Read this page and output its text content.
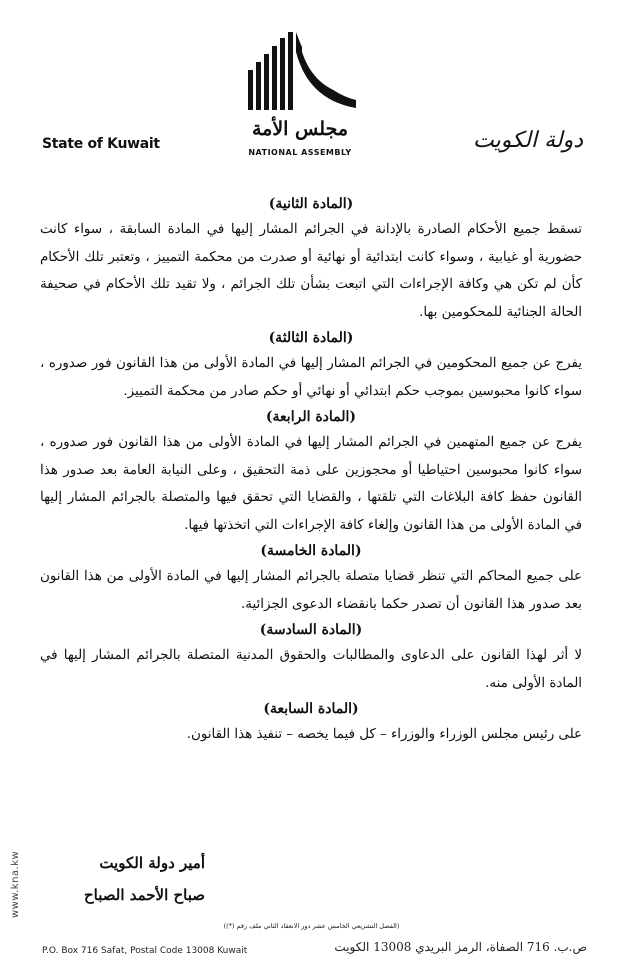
مجلس الأمة
NATIONAL ASSEMBLY
State of Kuwait	دولة الكويت
(المادة الثانية)

تسقط جميع الأحكام الصادرة بالإدانة في الجرائم المشار إليها في المادة السابقة ، سواء كانت حضورية أو غيابية ، وسواء كانت ابتدائية أو نهائية أو صدرت من محكمة التمييز ، وتعتبر تلك الأحكام كأن لم تكن هي وكافة الإجراءات التي اتبعت بشأن تلك الجرائم ، ولا تقيد تلك الأحكام في صحيفة الحالة الجنائية للمحكومين بها.

(المادة الثالثة)

يفرج عن جميع المحكومين في الجرائم المشار إليها في المادة الأولى من هذا القانون فور صدوره ، سواء كانوا محبوسين بموجب حكم ابتدائي أو نهائي أو حكم صادر من محكمة التمييز.

(المادة الرابعة)

يفرج عن جميع المتهمين في الجرائم المشار إليها في المادة الأولى من هذا القانون فور صدوره ، سواء كانوا محبوسين احتياطيا أو محجوزين على ذمة التحقيق ، وعلى النيابة العامة بعد صدور هذا القانون حفظ كافة البلاغات التي تلقتها ، والقضايا التي تحقق فيها والمتصلة بالجرائم المشار إليها في المادة الأولى من هذا القانون وإلغاء كافة الإجراءات التي اتخذتها فيها.

(المادة الخامسة)

على جميع المحاكم التي تنظر قضايا متصلة بالجرائم المشار إليها في المادة الأولى من هذا القانون بعد صدور هذا القانون أن تصدر حكما بانقضاء الدعوى الجزائية.

(المادة السادسة)

لا أثر لهذا القانون على الدعاوى والمطالبات والحقوق المدنية المتصلة بالجرائم المشار إليها في المادة الأولى منه.

(المادة السابعة)

على رئيس مجلس الوزراء والوزراء – كل فيما يخصه – تنفيذ هذا القانون.

أمير دولة الكويت
صباح الأحمد الصباح
www.kna.kw
(الفصل التشريعي الخامس عشر دور الانعقاد الثاني ملف رقم (*))
P.O. Box 716 Safat, Postal Code 13008 Kuwait	ص.ب. 716 الصفاة، الرمز البريدي 13008 الكويت
